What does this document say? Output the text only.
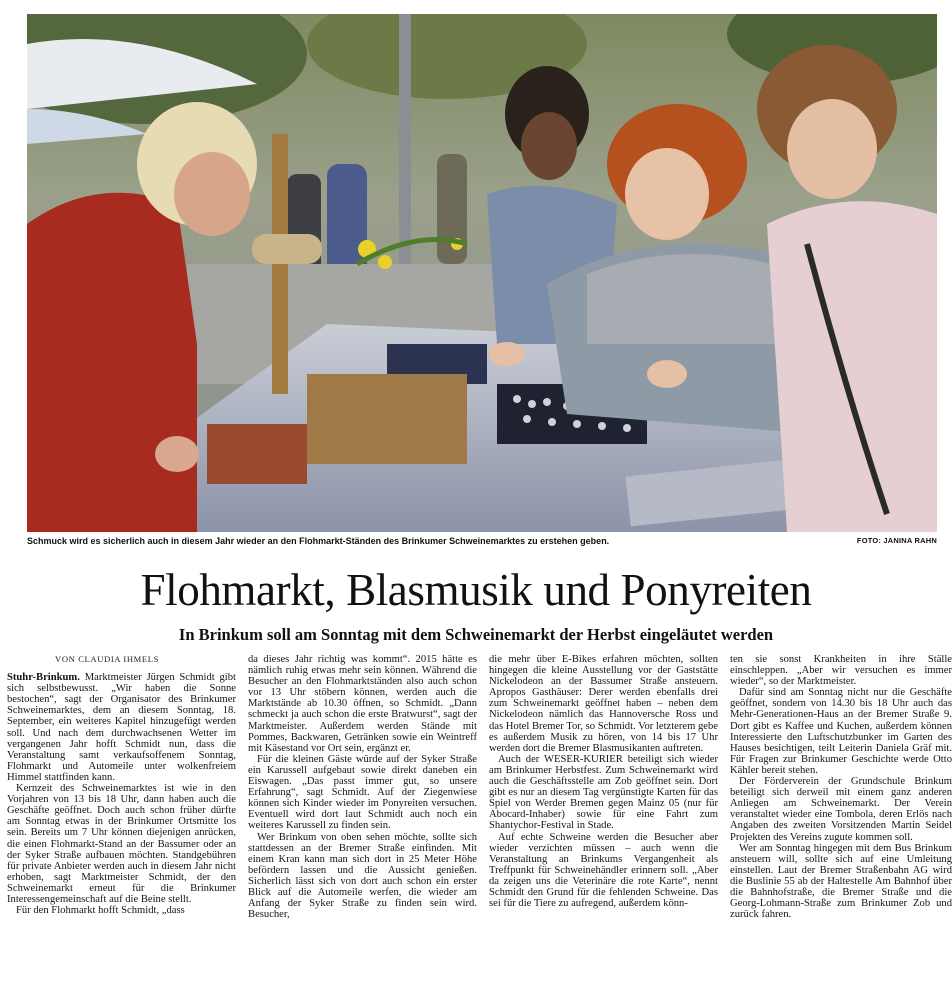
Schmuck wird es sicherlich auch in diesem Jahr wieder an den Flohmarkt-Ständen des Brinkumer Schweinemarktes zu erstehen geben.	FOTO: JANINA RAHN
Flohmarkt, Blasmusik und Ponyreiten
In Brinkum soll am Sonntag mit dem Schweinemarkt der Herbst eingeläutet werden
VON CLAUDIA IHMELS

Stuhr-Brinkum. Marktmeister Jürgen Schmidt gibt sich selbstbewusst. „Wir haben die Sonne bestochen“, sagt der Organisator des Brinkumer Schweinemarktes, dem an diesem Sonntag, 18. September, ein weiteres Kapitel hinzugefügt werden soll. Und nach dem durchwachsenen Wetter im vergangenen Jahr hofft Schmidt nun, dass die Veranstaltung samt verkaufsoffenem Sonntag, Flohmarkt und Automeile unter wolkenfreiem Himmel stattfinden kann.

Kernzeit des Schweinemarktes ist wie in den Vorjahren von 13 bis 18 Uhr, dann haben auch die Geschäfte geöffnet. Doch auch schon früher dürfte am Sonntag etwas in der Brinkumer Ortsmitte los sein. Bereits um 7 Uhr können diejenigen anrücken, die einen Flohmarkt-Stand an der Bassumer oder an der Syker Straße aufbauen möchten. Standgebühren für private Anbieter werden auch in diesem Jahr nicht erhoben, sagt Marktmeister Schmidt, der den Schweinemarkt erneut für die Brinkumer Interessengemeinschaft auf die Beine stellt.

Für den Flohmarkt hofft Schmidt, „dass

da dieses Jahr richtig was kommt“. 2015 hätte es nämlich ruhig etwas mehr sein können. Während die Besucher an den Flohmarktständen also auch schon vor 13 Uhr stöbern können, werden auch die Marktstände ab 10.30 öffnen, so Schmidt. „Dann schmeckt ja auch schon die erste Bratwurst“, sagt der Marktmeister. Außerdem werden Stände mit Pommes, Backwaren, Getränken sowie ein Weintreff mit Käsestand vor Ort sein, ergänzt er.

Für die kleinen Gäste würde auf der Syker Straße ein Karussell aufgebaut sowie direkt daneben ein Eiswagen. „Das passt immer gut, so unsere Erfahrung“, sagt Schmidt. Auf der Ziegenwiese können sich Kinder wieder im Ponyreiten versuchen. Eventuell wird dort laut Schmidt auch noch ein weiteres Karussell zu finden sein.

Wer Brinkum von oben sehen möchte, sollte sich stattdessen an der Bremer Straße einfinden. Mit einem Kran kann man sich dort in 25 Meter Höhe befördern lassen und die Aussicht genießen. Sicherlich lässt sich von dort auch schon ein erster Blick auf die Automeile werfen, die wieder am Anfang der Syker Straße zu finden sein wird. Besucher,

die mehr über E-Bikes erfahren möchten, sollten hingegen die kleine Ausstellung vor der Gaststätte Nickelodeon an der Bassumer Straße ansteuern. Apropos Gasthäuser: Derer werden ebenfalls drei zum Schweinemarkt geöffnet haben – neben dem Nickelodeon nämlich das Hannoversche Ross und das Hotel Bremer Tor, so Schmidt. Vor letzterem gebe es außerdem Musik zu hören, von 14 bis 17 Uhr werden dort die Bremer Blasmusikanten auftreten.

Auch der WESER-KURIER beteiligt sich wieder am Brinkumer Herbstfest. Zum Schweinemarkt wird auch die Geschäftsstelle am Zob geöffnet sein. Dort gibt es nur an diesem Tag vergünstigte Karten für das Spiel von Werder Bremen gegen Mainz 05 (nur für Abocard-Inhaber) sowie für eine Fahrt zum Shantychor-Festival in Stade.

Auf echte Schweine werden die Besucher aber wieder verzichten müssen – auch wenn die Veranstaltung an Brinkums Vergangenheit als Treffpunkt für Schweinehändler erinnern soll. „Aber da zeigen uns die Veterinäre die rote Karte“, nennt Schmidt den Grund für die fehlenden Schweine. Das sei für die Tiere zu aufregend, außerdem könn-

ten sie sonst Krankheiten in ihre Ställe einschleppen. „Aber wir versuchen es immer wieder“, so der Marktmeister.

Dafür sind am Sonntag nicht nur die Geschäfte geöffnet, sondern von 14.30 bis 18 Uhr auch das Mehr-Generationen-Haus an der Bremer Straße 9. Dort gibt es Kaffee und Kuchen, außerdem können Interessierte den Luftschutzbunker im Garten des Hauses besichtigen, teilt Leiterin Daniela Gräf mit. Für Fragen zur Brinkumer Geschichte werde Otto Kähler bereit stehen.

Der Förderverein der Grundschule Brinkum beteiligt sich derweil mit einem ganz anderen Anliegen am Schweinemarkt. Der Verein veranstaltet wieder eine Tombola, deren Erlös nach Angaben des zweiten Vorsitzenden Martin Seidel Projekten des Vereins zugute kommen soll.

Wer am Sonntag hingegen mit dem Bus Brinkum ansteuern will, sollte sich auf eine Umleitung einstellen. Laut der Bremer Straßenbahn AG wird die Buslinie 55 ab der Haltestelle Am Bahnhof über die Bahnhofstraße, die Bremer Straße und die Georg-Lohmann-Straße zum Brinkumer Zob und zurück fahren.
